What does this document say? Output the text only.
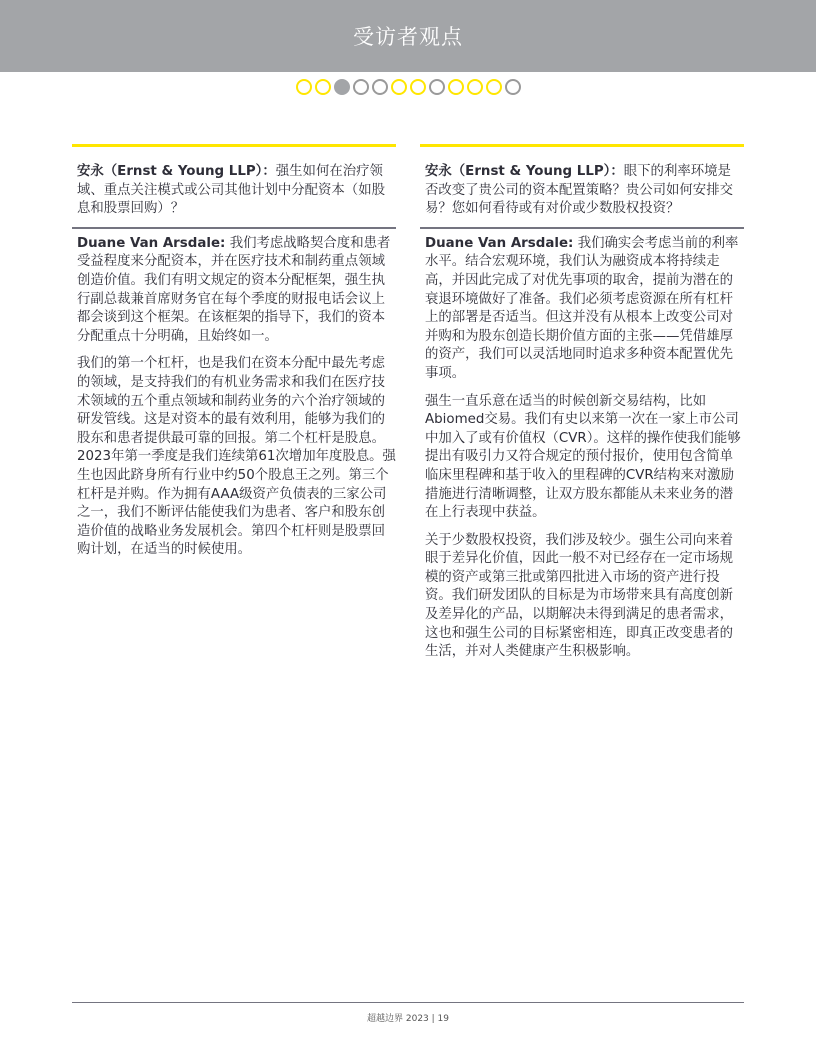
受访者观点
安永（Ernst & Young LLP）：强生如何在治疗领域、重点关注模式或公司其他计划中分配资本（如股息和股票回购）？

Duane Van Arsdale: 我们考虑战略契合度和患者受益程度来分配资本，并在医疗技术和制药重点领域创造价值。我们有明文规定的资本分配框架，强生执行副总裁兼首席财务官在每个季度的财报电话会议上都会谈到这个框架。在该框架的指导下，我们的资本分配重点十分明确，且始终如一。

我们的第一个杠杆，也是我们在资本分配中最先考虑的领域，是支持我们的有机业务需求和我们在医疗技术领域的五个重点领域和制药业务的六个治疗领域的研发管线。这是对资本的最有效利用，能够为我们的股东和患者提供最可靠的回报。第二个杠杆是股息。2023年第一季度是我们连续第61次增加年度股息。强生也因此跻身所有行业中约50个股息王之列。第三个杠杆是并购。作为拥有AAA级资产负债表的三家公司之一，我们不断评估能使我们为患者、客户和股东创造价值的战略业务发展机会。第四个杠杆则是股票回购计划，在适当的时候使用。

安永（Ernst & Young LLP）：眼下的利率环境是否改变了贵公司的资本配置策略？贵公司如何安排交易？您如何看待或有对价或少数股权投资？

Duane Van Arsdale: 我们确实会考虑当前的利率水平。结合宏观环境，我们认为融资成本将持续走高，并因此完成了对优先事项的取舍，提前为潜在的衰退环境做好了准备。我们必须考虑资源在所有杠杆上的部署是否适当。但这并没有从根本上改变公司对并购和为股东创造长期价值方面的主张——凭借雄厚的资产，我们可以灵活地同时追求多种资本配置优先事项。

强生一直乐意在适当的时候创新交易结构，比如Abiomed交易。我们有史以来第一次在一家上市公司中加入了或有价值权（CVR）。这样的操作使我们能够提出有吸引力又符合规定的预付报价，使用包含简单临床里程碑和基于收入的里程碑的CVR结构来对激励措施进行清晰调整，让双方股东都能从未来业务的潜在上行表现中获益。

关于少数股权投资，我们涉及较少。强生公司向来着眼于差异化价值，因此一般不对已经存在一定市场规模的资产或第三批或第四批进入市场的资产进行投资。我们研发团队的目标是为市场带来具有高度创新及差异化的产品，以期解决未得到满足的患者需求，这也和强生公司的目标紧密相连，即真正改变患者的生活，并对人类健康产生积极影响。

超越边界 2023 | 19
